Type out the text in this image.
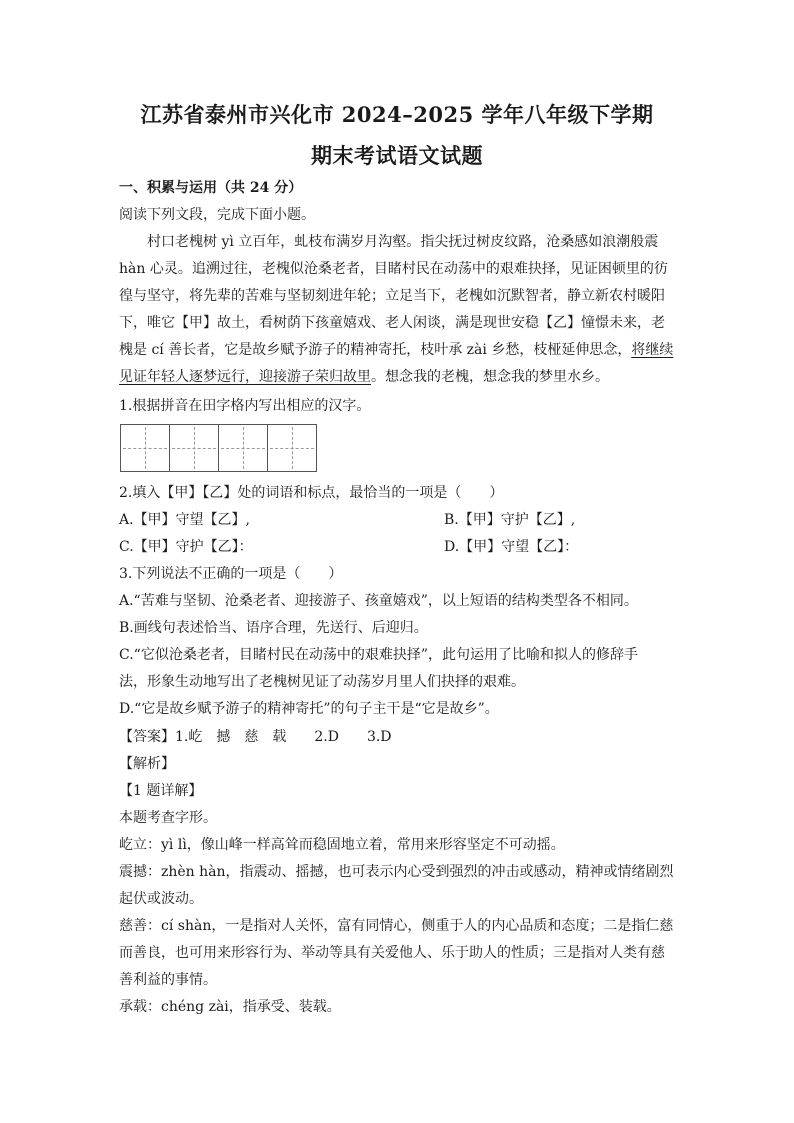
江苏省泰州市兴化市 2024–2025 学年八年级下学期
期末考试语文试题
一、积累与运用（共 24 分）
阅读下列文段，完成下面小题。
村口老槐树 yì 立百年，虬枝布满岁月沟壑。指尖抚过树皮纹路，沧桑感如浪潮般震
hàn 心灵。追溯过往，老槐似沧桑老者，目睹村民在动荡中的艰难抉择，见证困顿里的彷
徨与坚守，将先辈的苦难与坚韧刻进年轮；立足当下，老槐如沉默智者，静立新农村暖阳
下，唯它【甲】故土，看树荫下孩童嬉戏、老人闲谈，满是现世安稳【乙】憧憬未来，老
槐是 cí 善长者，它是故乡赋予游子的精神寄托，枝叶承 zài 乡愁，枝桠延伸思念，将继续
见证年轻人逐梦远行，迎接游子荣归故里。想念我的老槐，想念我的梦里水乡。
1.根据拼音在田字格内写出相应的汉字。
2.填入【甲】【乙】处的词语和标点，最恰当的一项是（　　）
A.【甲】守望【乙】,	B.【甲】守护【乙】,
C.【甲】守护【乙】：	D.【甲】守望【乙】：
3.下列说法不正确的一项是（　　）
A.“苦难与坚韧、沧桑老者、迎接游子、孩童嬉戏”，以上短语的结构类型各不相同。
B.画线句表述恰当、语序合理，先送行、后迎归。
C.“它似沧桑老者，目睹村民在动荡中的艰难抉择”，此句运用了比喻和拟人的修辞手
法，形象生动地写出了老槐树见证了动荡岁月里人们抉择的艰难。
D.“它是故乡赋予游子的精神寄托”的句子主干是“它是故乡”。
【答案】1.屹　撼　慈　载　　2.D　　3.D
【解析】
【1 题详解】
本题考查字形。
屹立：yì lì，像山峰一样高耸而稳固地立着，常用来形容坚定不可动摇。
震撼：zhèn hàn，指震动、摇撼，也可表示内心受到强烈的冲击或感动，精神或情绪剧烈
起伏或波动。
慈善：cí shàn，一是指对人关怀，富有同情心，侧重于人的内心品质和态度；二是指仁慈
而善良，也可用来形容行为、举动等具有关爱他人、乐于助人的性质；三是指对人类有慈
善利益的事情。
承载：chéng zài，指承受、装载。
